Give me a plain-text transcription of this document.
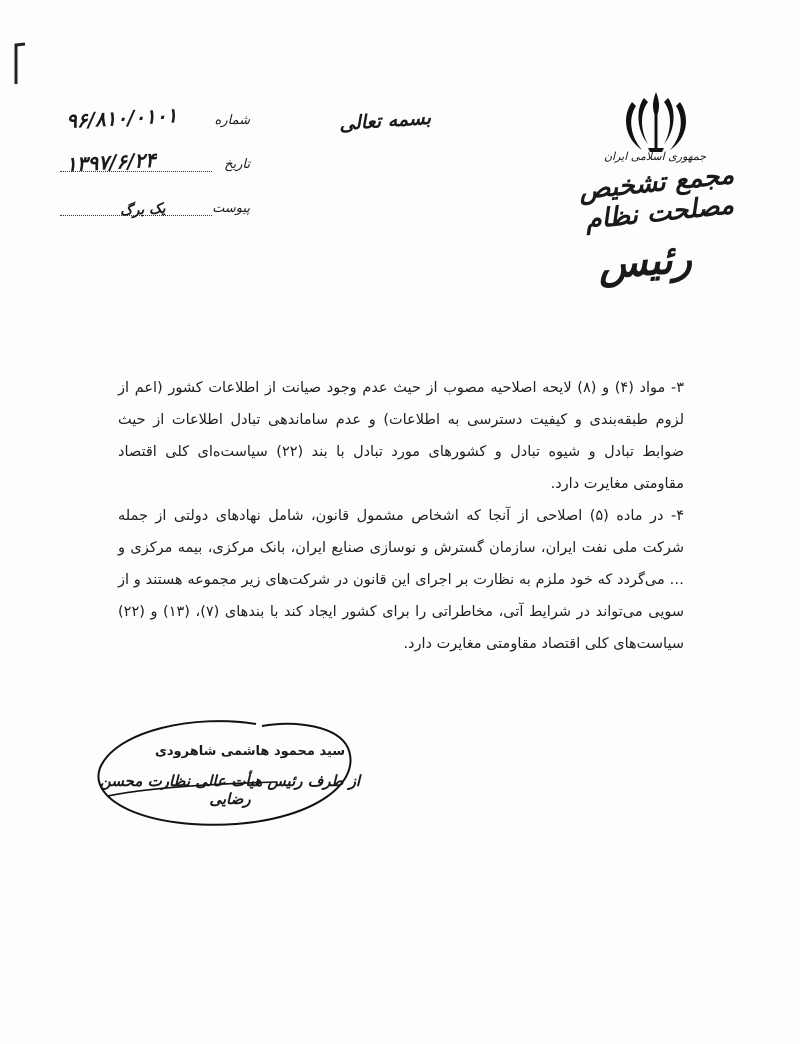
جمهوری اسلامی ایران
مجمع تشخیص مصلحت نظام
رئیس
بسمه تعالی
شماره
۹۶/۸۱۰/۰۱۰۱
تاریخ
۱۳۹۷/۶/۲۴
پیوست
یک برگ

۳- مواد (۴) و (۸) لایحه اصلاحیه مصوب از حیث عدم وجود صیانت از اطلاعات کشور (اعم از لزوم طبقه‌بندی و کیفیت دسترسی به اطلاعات) و عدم ساماندهی تبادل اطلاعات از حیث ضوابط تبادل و شیوه تبادل و کشورهای مورد تبادل با بند (۲۲) سیاست‌ه‌ای کلی اقتصاد مقاومتی مغایرت دارد.

۴- در ماده (۵) اصلاحی از آنجا که اشخاص مشمول قانون، شامل نهادهای دولتی از جمله شرکت ملی نفت ایران، سازمان گسترش و نوسازی صنایع ایران، بانک مرکزی، بیمه مرکزی و … می‌گردد که خود ملزم به نظارت بر اجرای این قانون در شرکت‌های زیر مجموعه هستند و از سویی می‌تواند در شرایط آتی، مخاطراتی را برای کشور ایجاد کند با بندهای (۷)، (۱۳) و (۲۲) سیاست‌های کلی اقتصاد مقاومتی مغایرت دارد.

سید محمود هاشمی شاهرودی
از طرف رئیس هیأت عالی نظارت محسن رضایی
